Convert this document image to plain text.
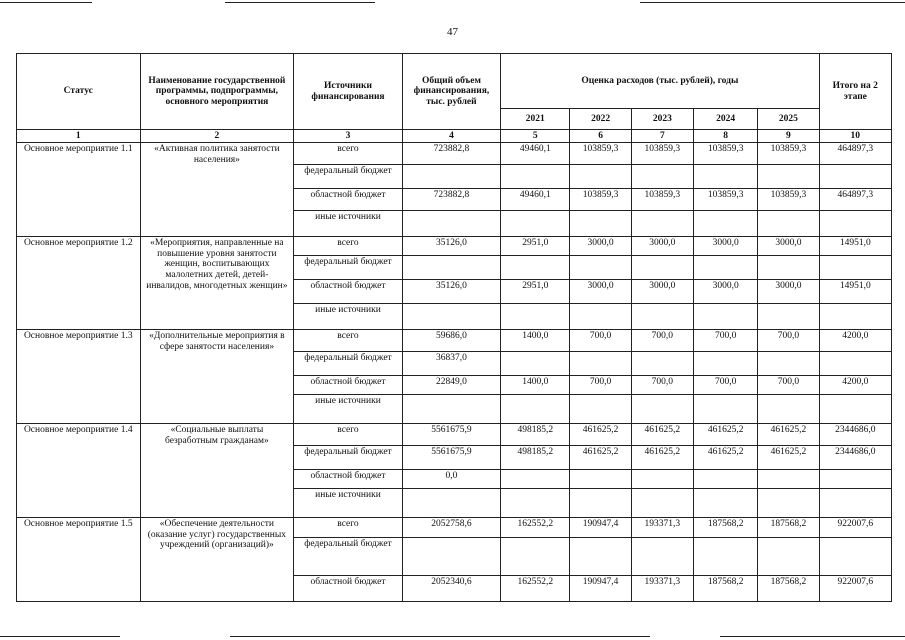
47
Статус	Наименование государственной программы, подпрограммы, основного мероприятия	Источники финансирования	Общий объем финансирования, тыс. рублей	Оценка расходов (тыс. рублей), годы					Итого на 2 этапе
				2021	2022	2023	2024	2025	
1	2	3	4	5	6	7	8	9	10
Основное мероприятие 1.1	«Активная политика занятости населения»	всего	723882,8	49460,1	103859,3	103859,3	103859,3	103859,3	464897,3
		федеральный бюджет							
		областной бюджет	723882,8	49460,1	103859,3	103859,3	103859,3	103859,3	464897,3
		иные источники							
Основное мероприятие 1.2	«Мероприятия, направленные на повышение уровня занятости женщин, воспитывающих малолетних детей, детей-инвалидов, многодетных женщин»	всего	35126,0	2951,0	3000,0	3000,0	3000,0	3000,0	14951,0
		федеральный бюджет							
		областной бюджет	35126,0	2951,0	3000,0	3000,0	3000,0	3000,0	14951,0
		иные источники							
Основное мероприятие 1.3	«Дополнительные мероприятия в сфере занятости населения»	всего	59686,0	1400,0	700,0	700,0	700,0	700,0	4200,0
		федеральный бюджет	36837,0						
		областной бюджет	22849,0	1400,0	700,0	700,0	700,0	700,0	4200,0
		иные источники							
Основное мероприятие 1.4	«Социальные выплаты безработным гражданам»	всего	5561675,9	498185,2	461625,2	461625,2	461625,2	461625,2	2344686,0
		федеральный бюджет	5561675,9	498185,2	461625,2	461625,2	461625,2	461625,2	2344686,0
		областной бюджет	0,0						
		иные источники							
Основное мероприятие 1.5	«Обеспечение деятельности (оказание услуг) государственных учреждений (организаций)»	всего	2052758,6	162552,2	190947,4	193371,3	187568,2	187568,2	922007,6
		федеральный бюджет							
		областной бюджет	2052340,6	162552,2	190947,4	193371,3	187568,2	187568,2	922007,6
